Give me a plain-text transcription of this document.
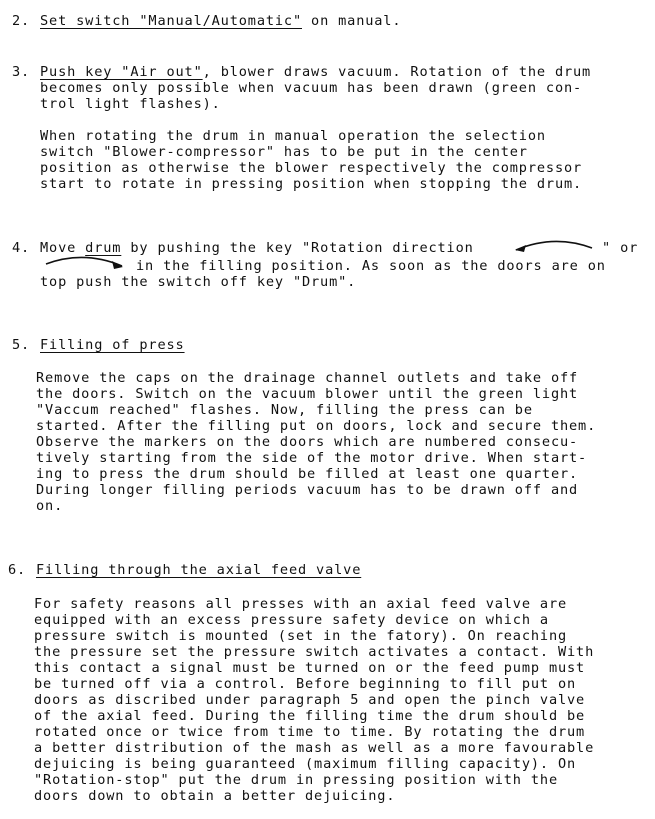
2. Set switch "Manual/Automatic" on manual.
3. Push key "Air out", blower draws vacuum. Rotation of the drum
becomes only possible when vacuum has been drawn (green con-
trol light flashes).
When rotating the drum in manual operation the selection
switch "Blower-compressor" has to be put in the center
position as otherwise the blower respectively the compressor
start to rotate in pressing position when stopping the drum.
4. Move drum by pushing the key "Rotation direction	" or
in the filling position. As soon as the doors are on
top push the switch off key "Drum".
5. Filling of press
Remove the caps on the drainage channel outlets and take off
the doors. Switch on the vacuum blower until the green light
"Vaccum reached" flashes. Now, filling the press can be
started. After the filling put on doors, lock and secure them.
Observe the markers on the doors which are numbered consecu-
tively starting from the side of the motor drive. When start-
ing to press the drum should be filled at least one quarter.
During longer filling periods vacuum has to be drawn off and
on.
6. Filling through the axial feed valve
For safety reasons all presses with an axial feed valve are
equipped with an excess pressure safety device on which a
pressure switch is mounted (set in the fatory). On reaching
the pressure set the pressure switch activates a contact. With
this contact a signal must be turned on or the feed pump must
be turned off via a control. Before beginning to fill put on
doors as discribed under paragraph 5 and open the pinch valve
of the axial feed. During the filling time the drum should be
rotated once or twice from time to time. By rotating the drum
a better distribution of the mash as well as a more favourable
dejuicing is being guaranteed (maximum filling capacity). On
"Rotation-stop" put the drum in pressing position with the
doors down to obtain a better dejuicing.
